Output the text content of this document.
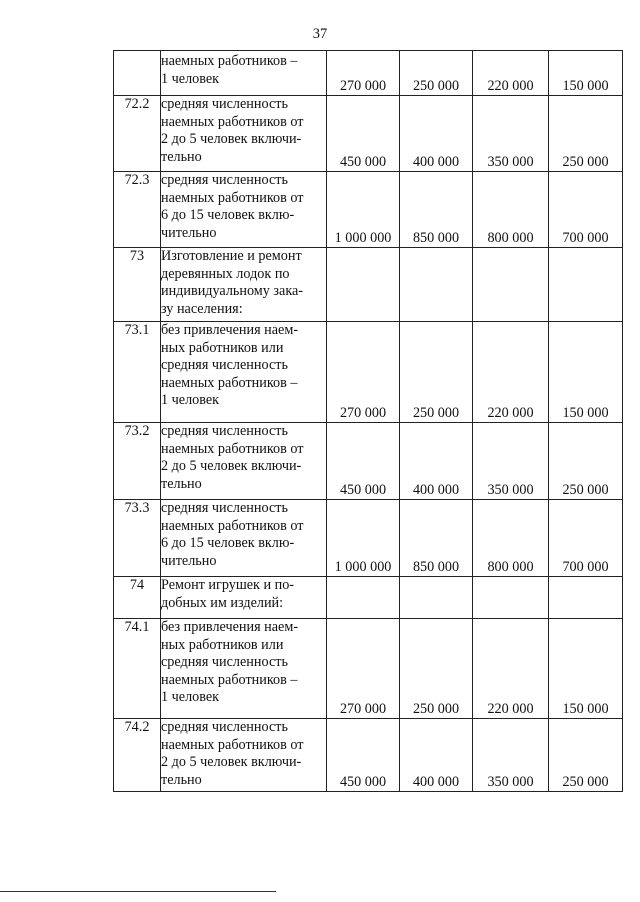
37
	наемных работников –
1 человек	270 000	250 000	220 000	150 000
72.2	средняя численность
наемных работников от
2 до 5 человек включи-
тельно	450 000	400 000	350 000	250 000
72.3	средняя численность
наемных работников от
6 до 15 человек вклю-
чительно	1 000 000	850 000	800 000	700 000
73	Изготовление и ремонт
деревянных лодок по
индивидуальному зака-
зу населения:				
73.1	без привлечения наем-
ных работников или
средняя численность
наемных работников –
1 человек	270 000	250 000	220 000	150 000
73.2	средняя численность
наемных работников от
2 до 5 человек включи-
тельно	450 000	400 000	350 000	250 000
73.3	средняя численность
наемных работников от
6 до 15 человек вклю-
чительно	1 000 000	850 000	800 000	700 000
74	Ремонт игрушек и по-
добных им изделий:				
74.1	без привлечения наем-
ных работников или
средняя численность
наемных работников –
1 человек	270 000	250 000	220 000	150 000
74.2	средняя численность
наемных работников от
2 до 5 человек включи-
тельно	450 000	400 000	350 000	250 000
